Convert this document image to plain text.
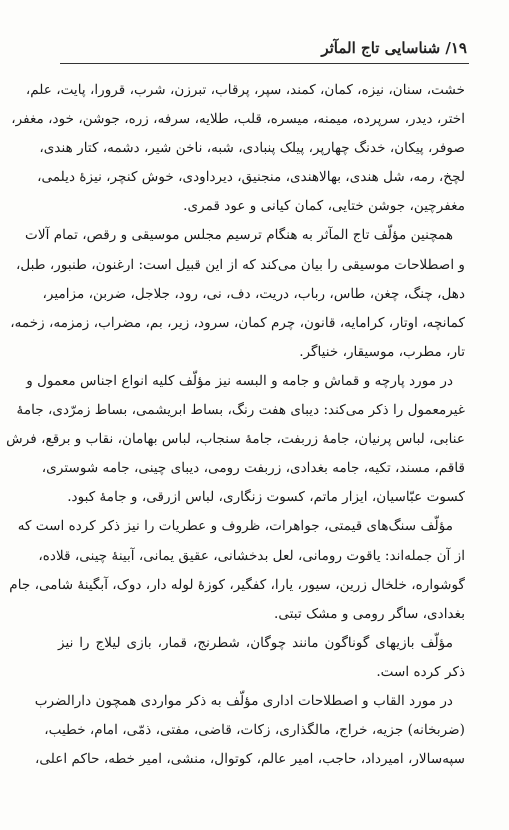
۱۹/ شناسایی تاج المآثر
خشت، سنان، نیزه، کمان، کمند، سپر، پرقاب، تبرزن، شرب، قرورا، پایت، علم،
اختر، دیدر، سرپرده، میمنه، میسره، قلب، طلایه، سرفه، زره، جوشن، خود، مغفر،
صوفر، پیکان، خدنگ چهارپر، پیلک پنبادی، شبه، ناخن شیر، دشمه، کتار هندی،
لچخ، رمه، شل هندی، بهالاهندی، منجنیق، دیرداودی، خوش کنچر، نیزهٔ دیلمی،
مغفرچین، جوشن ختایی، کمان کیانی و عود قمری.
همچنین مؤلّف تاج المآثر به هنگام ترسیم مجلس موسیقی و رقص، تمام آلات
و اصطلاحات موسیقی را بیان می‌کند که از این قبیل است: ارغنون، طنبور، طبل،
دهل، چنگ، چغن، طاس، رباب، دریت، دف، نی، رود، جلاجل، ضربن، مزامیر،
کمانچه، اوتار، کرامایه، قانون، چرم کمان، سرود، زیر، بم، مضراب، زمزمه، زخمه،
تار، مطرب، موسیقار، خنیاگر.
در مورد پارچه و قماش و جامه و البسه نیز مؤلّف کلیه انواع اجناس معمول و
غیرمعمول را ذکر می‌کند: دیبای هفت رنگ، بساط ابریشمی، بساط زمرّدی، جامهٔ
عنابی، لباس پرنیان، جامهٔ زربفت، جامهٔ سنجاب، لباس بهامان، نقاب و برقع، فرش
قاقم، مسند، تکیه، جامه بغدادی، زربفت رومی، دیبای چینی، جامه شوستری،
کسوت عبّاسیان، ایزار ماتم، کسوت زنگاری، لباس ازرقی، و جامهٔ کبود.
مؤلّف سنگ‌های قیمتی، جواهرات، ظروف و عطریات را نیز ذکر کرده است که
از آن جمله‌اند: یاقوت رومانی، لعل بدخشانی، عقیق یمانی، آبینهٔ چینی، قلاده،
گوشواره، خلخال زرین، سیور، یارا، کفگیر، کوزهٔ لوله دار، دوک، آبگینهٔ شامی، جام
بغدادی، ساگر رومی و مشک تبتی.
مؤلّف بازیهای گوناگون مانند چوگان، شطرنج، قمار، بازی لیلاج را نیز
ذکر کرده است.
در مورد القاب و اصطلاحات اداری مؤلّف به ذکر مواردی همچون دارالضرب
(ضربخانه) جزیه، خراج، مالگذاری، زکات، قاضی، مفتی، ذمّی، امام، خطیب،
سپه‌سالار، امیرداد، حاجب، امیر عالم، کوتوال، منشی، امیر خطه، حاکم اعلی،
